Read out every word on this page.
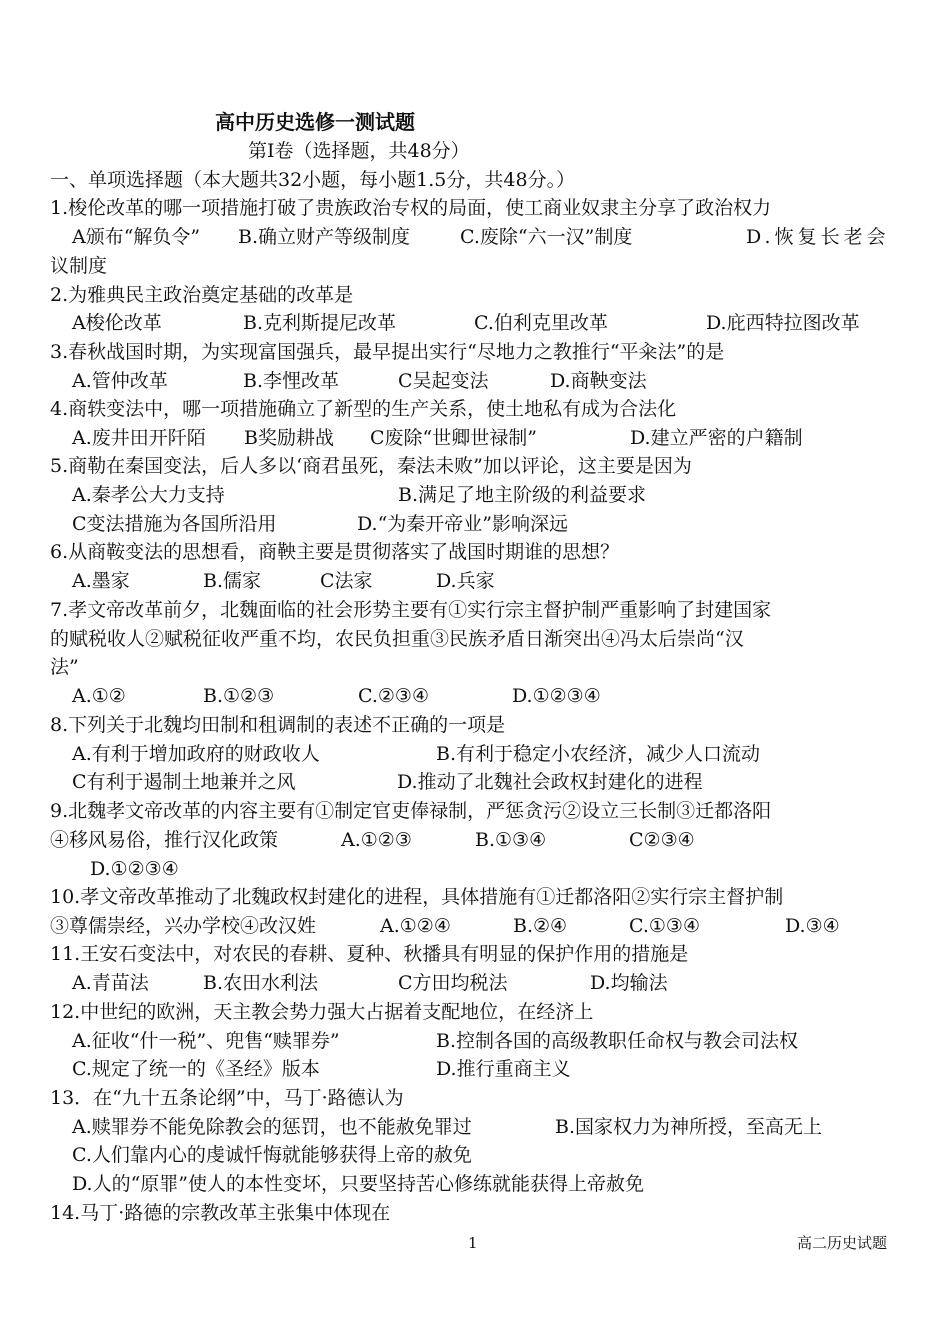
高中历史选修一测试题
第Ⅰ卷（选择题，共48分）
一、单项选择题（本大题共32小题，每小题1.5分，共48分。）
1.梭伦改革的哪一项措施打破了贵族政治专权的局面，使工商业奴隶主分享了政治权力
A颁布“解负令” B.确立财产等级制度	C.废除“六一汉”制度	D.恢复长老会
议制度
2.为雅典民主政治奠定基础的改革是
A梭伦改革	B.克利斯提尼改革	C.伯利克里改革	D.庇西特拉图改革
3.春秋战国时期，为实现富国强兵，最早提出实行“尽地力之教推行“平籴法”的是
A.管仲改革	B.李悝改革	C吴起变法	D.商鞅变法
4.商轶变法中，哪一项措施确立了新型的生产关系，使土地私有成为合法化
A.废井田开阡陌 B奖励耕战 C废除“世卿世禄制”	D.建立严密的户籍制
5.商勒在秦国变法，后人多以‘商君虽死，秦法未败”加以评论，这主要是因为
A.秦孝公大力支持	B.满足了地主阶级的利益要求
C变法措施为各国所沿用	D.“为秦开帝业”影响深远
6.从商鞍变法的思想看，商鞅主要是贯彻落实了战国时期谁的思想？
A.墨家	B.儒家	C法家	D.兵家
7.孝文帝改革前夕，北魏面临的社会形势主要有①实行宗主督护制严重影响了封建国家
的赋税收人②赋税征收严重不均，农民负担重③民族矛盾日渐突出④冯太后崇尚“汉
法”
A.①②	B.①②③	C.②③④	D.①②③④
8.下列关于北魏均田制和租调制的表述不正确的一项是
A.有利于增加政府的财政收人	B.有利于稳定小农经济，减少人口流动
C有利于遏制土地兼并之风	D.推动了北魏社会政权封建化的进程
9.北魏孝文帝改革的内容主要有①制定官吏俸禄制，严惩贪污②设立三长制③迁都洛阳
④移风易俗，推行汉化政策	A.①②③	B.①③④	C②③④
D.①②③④
10.孝文帝改革推动了北魏政权封建化的进程，具体措施有①迁都洛阳②实行宗主督护制
③尊儒崇经，兴办学校④改汉姓	A.①②④	B.②④	C.①③④	D.③④
11.王安石变法中，对农民的春耕、夏种、秋播具有明显的保护作用的措施是
A.青苗法	B.农田水利法	C方田均税法	D.均输法
12.中世纪的欧洲，天主教会势力强大占据着支配地位，在经济上
A.征收“什一税”、兜售“赎罪券”	B.控制各国的高级教职任命权与教会司法权
C.规定了统一的《圣经》版本	D.推行重商主义
13．在“九十五条论纲”中，马丁·路德认为
A.赎罪券不能免除教会的惩罚，也不能赦免罪过	B.国家权力为神所授，至高无上
C.人们靠内心的虔诚忏悔就能够获得上帝的赦免
D.人的“原罪”使人的本性变坏，只要坚持苦心修练就能获得上帝赦免
14.马丁·路德的宗教改革主张集中体现在
1	高二历史试题
